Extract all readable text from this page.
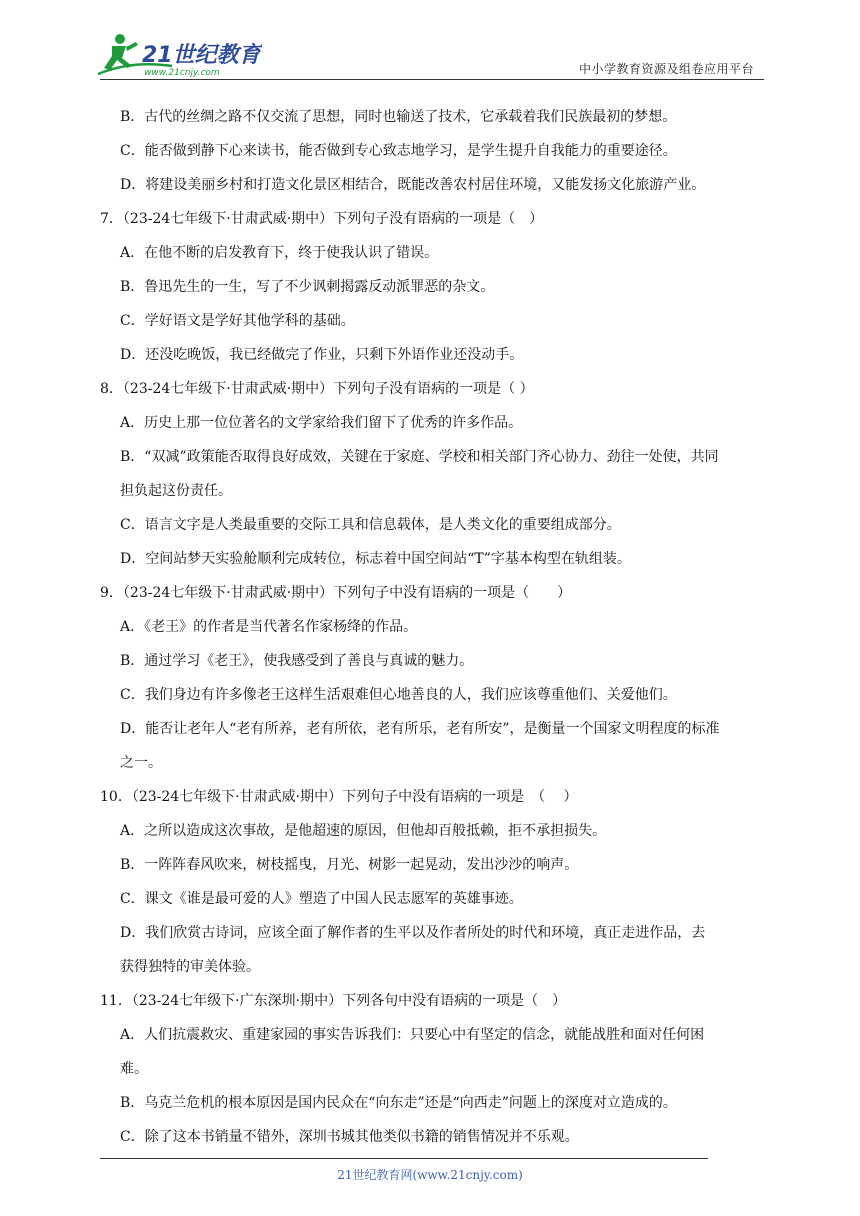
21世纪教育
www.21cnjy.com	中小学教育资源及组卷应用平台
B．古代的丝绸之路不仅交流了思想，同时也输送了技术，它承载着我们民族最初的梦想。
C．能否做到静下心来读书，能否做到专心致志地学习，是学生提升自我能力的重要途径。
D．将建设美丽乡村和打造文化景区相结合，既能改善农村居住环境，又能发扬文化旅游产业。
7．（23-24七年级下·甘肃武威·期中）下列句子没有语病的一项是（　）
A．在他不断的启发教育下，终于使我认识了错误。
B．鲁迅先生的一生，写了不少讽刺揭露反动派罪恶的杂文。
C．学好语文是学好其他学科的基础。
D．还没吃晚饭，我已经做完了作业，只剩下外语作业还没动手。
8．（23-24七年级下·甘肃武威·期中）下列句子没有语病的一项是（ ）
A．历史上那一位位著名的文学家给我们留下了优秀的许多作品。
B．“双减”政策能否取得良好成效，关键在于家庭、学校和相关部门齐心协力、劲往一处使，共同
担负起这份责任。
C．语言文字是人类最重要的交际工具和信息载体，是人类文化的重要组成部分。
D．空间站梦天实验舱顺利完成转位，标志着中国空间站“T”字基本构型在轨组装。
9．（23-24七年级下·甘肃武威·期中）下列句子中没有语病的一项是（　　）
A．《老王》的作者是当代著名作家杨绛的作品。
B．通过学习《老王》，使我感受到了善良与真诚的魅力。
C．我们身边有许多像老王这样生活艰难但心地善良的人，我们应该尊重他们、关爱他们。
D．能否让老年人“老有所养，老有所依，老有所乐，老有所安”，是衡量一个国家文明程度的标准
之一。
10．（23-24七年级下·甘肃武威·期中）下列句子中没有语病的一项是　（　 ）
A．之所以造成这次事故，是他超速的原因，但他却百般抵赖，拒不承担损失。
B．一阵阵春风吹来，树枝摇曳，月光、树影一起晃动，发出沙沙的响声。
C．课文《谁是最可爱的人》塑造了中国人民志愿军的英雄事迹。
D．我们欣赏古诗词，应该全面了解作者的生平以及作者所处的时代和环境，真正走进作品，去
获得独特的审美体验。
11．（23-24七年级下·广东深圳·期中）下列各句中没有语病的一项是（　）
A．人们抗震救灾、重建家园的事实告诉我们：只要心中有坚定的信念，就能战胜和面对任何困
难。
B．乌克兰危机的根本原因是国内民众在“向东走”还是“向西走”问题上的深度对立造成的。
C．除了这本书销量不错外，深圳书城其他类似书籍的销售情况并不乐观。
21世纪教育网(www.21cnjy.com)
